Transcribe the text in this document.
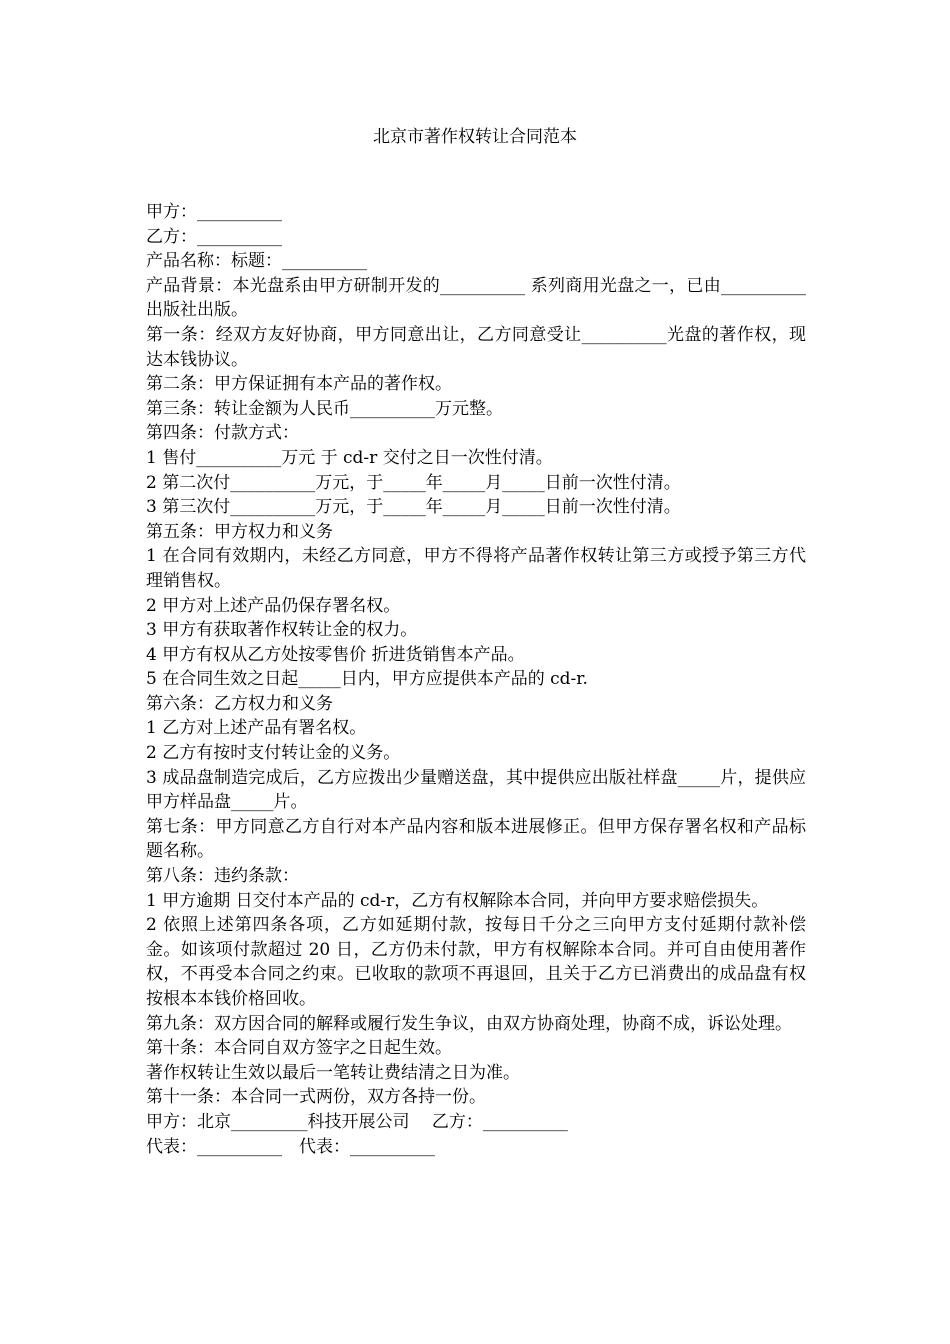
北京市著作权转让合同范本

甲方：__________

乙方：__________

产品名称：标题：__________

产品背景：本光盘系由甲方研制开发的__________ 系列商用光盘之一，已由__________出版社出版。

第一条：经双方友好协商，甲方同意出让，乙方同意受让__________光盘的著作权，现达本钱协议。

第二条：甲方保证拥有本产品的著作权。

第三条：转让金额为人民币__________万元整。

第四条：付款方式：

1 售付__________万元 于 cd-r 交付之日一次性付清。

2 第二次付__________万元，于_____年_____月_____日前一次性付清。

3 第三次付__________万元，于_____年_____月_____日前一次性付清。

第五条：甲方权力和义务

1 在合同有效期内，未经乙方同意，甲方不得将产品著作权转让第三方或授予第三方代理销售权。

2 甲方对上述产品仍保存署名权。

3 甲方有获取著作权转让金的权力。

4 甲方有权从乙方处按零售价 折进货销售本产品。

5 在合同生效之日起_____日内，甲方应提供本产品的 cd-r.

第六条：乙方权力和义务

1 乙方对上述产品有署名权。

2 乙方有按时支付转让金的义务。

3 成品盘制造完成后，乙方应拨出少量赠送盘，其中提供应出版社样盘_____片，提供应甲方样品盘_____片。

第七条：甲方同意乙方自行对本产品内容和版本进展修正。但甲方保存署名权和产品标题名称。

第八条：违约条款：

1 甲方逾期 日交付本产品的 cd-r，乙方有权解除本合同，并向甲方要求赔偿损失。

2 依照上述第四条各项，乙方如延期付款，按每日千分之三向甲方支付延期付款补偿金。如该项付款超过 20 日，乙方仍未付款，甲方有权解除本合同。并可自由使用著作权，不再受本合同之约束。已收取的款项不再退回，且关于乙方已消费出的成品盘有权按根本本钱价格回收。

第九条：双方因合同的解释或履行发生争议，由双方协商处理，协商不成，诉讼处理。

第十条：本合同自双方签字之日起生效。

著作权转让生效以最后一笔转让费结清之日为准。

第十一条：本合同一式两份，双方各持一份。

甲方：北京_________科技开展公司　 乙方：__________

代表：__________　代表：__________
